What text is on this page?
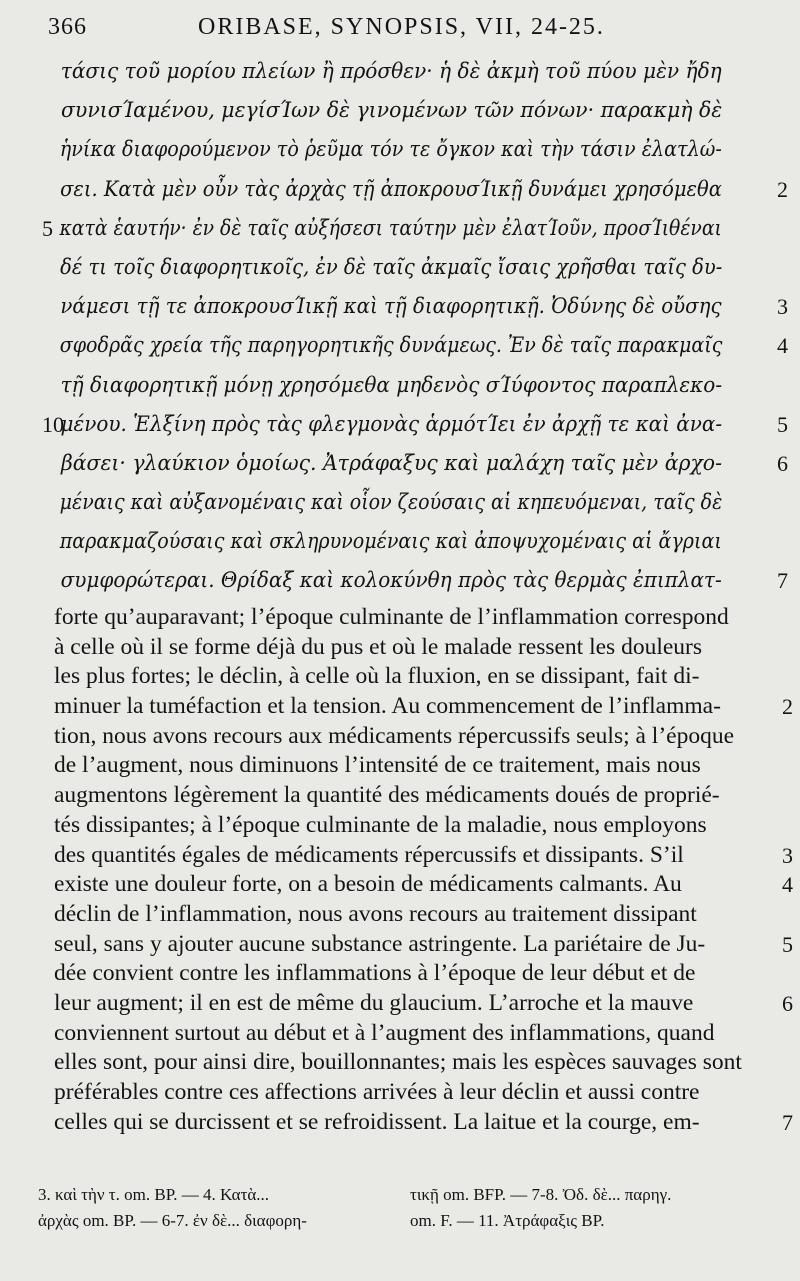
366	ORIBASE, SYNOPSIS, VII, 24-25.
τάσις τοῦ μορίου πλείων ἢ πρόσθεν· ἡ δὲ ἀκμὴ τοῦ πύου μὲν ἤδη
συνισΊαμένου, μεγίσΊων δὲ γινομένων τῶν πόνων· παρακμὴ δὲ
ἡνίκα διαφορούμενον τὸ ῥεῦμα τόν τε ὄγκον καὶ τὴν τάσιν ἐλατλώ-
σει. Κατὰ μὲν οὖν τὰς ἀρχὰς τῇ ἀποκρουσΊικῇ δυνάμει χρησόμεθα	2
5 κατὰ ἑαυτήν· ἐν δὲ ταῖς αὐξήσεσι ταύτην μὲν ἐλατΊοῦν, προσΊιθέναι
δέ τι τοῖς διαφορητικοῖς, ἐν δὲ ταῖς ἀκμαῖς ἴσαις χρῆσθαι ταῖς δυ-
νάμεσι τῇ τε ἀποκρουσΊικῇ καὶ τῇ διαφορητικῇ. Ὀδύνης δὲ οὔσης	3
σφοδρᾶς χρεία τῆς παρηγορητικῆς δυνάμεως. Ἐν δὲ ταῖς παρακμαῖς 4
τῇ διαφορητικῇ μόνῃ χρησόμεθα μηδενὸς σΊύφοντος παραπλεκο-
10
μένου. Ἑλξίνη πρὸς τὰς φλεγμονὰς ἁρμότΊει ἐν ἀρχῇ τε καὶ ἀνα- 5
βάσει· γλαύκιον ὁμοίως. Ἀτράφαξυς καὶ μαλάχη ταῖς μὲν ἀρχο-	6
μέναις καὶ αὐξανομέναις καὶ οἷον ζεούσαις αἱ κηπευόμεναι, ταῖς δὲ
παρακμαζούσαις καὶ σκληρυνομέναις καὶ ἀποψυχομέναις αἱ ἄγριαι
συμφορώτεραι. Θρίδαξ καὶ κολοκύνθη πρὸς τὰς θερμὰς ἐπιπλατ-	7
forte qu’auparavant; l’époque culminante de l’inflammation correspond
à celle où il se forme déjà du pus et où le malade ressent les douleurs
les plus fortes; le déclin, à celle où la fluxion, en se dissipant, fait di-
minuer la tuméfaction et la tension. Au commencement de l’inflamma-	2
tion, nous avons recours aux médicaments répercussifs seuls; à l’époque
de l’augment, nous diminuons l’intensité de ce traitement, mais nous
augmentons légèrement la quantité des médicaments doués de proprié-
tés dissipantes; à l’époque culminante de la maladie, nous employons
des quantités égales de médicaments répercussifs et dissipants. S’il	3
existe une douleur forte, on a besoin de médicaments calmants. Au	4
déclin de l’inflammation, nous avons recours au traitement dissipant
seul, sans y ajouter aucune substance astringente. La pariétaire de Ju-	5
dée convient contre les inflammations à l’époque de leur début et de
leur augment; il en est de même du glaucium. L’arroche et la mauve	6
conviennent surtout au début et à l’augment des inflammations, quand
elles sont, pour ainsi dire, bouillonnantes; mais les espèces sauvages sont
préférables contre ces affections arrivées à leur déclin et aussi contre
celles qui se durcissent et se refroidissent. La laitue et la courge, em-	7
3. καὶ τὴν τ. om. BP. — 4. Κατὰ...ἀρχὰς om. BP. — 6-7. ἐν δὲ... διαφορη-
τικῇ om. BFP. — 7-8. Ὀδ. δὲ... παρηγ.om. F. — 11. Ἀτράφαξις BP.
